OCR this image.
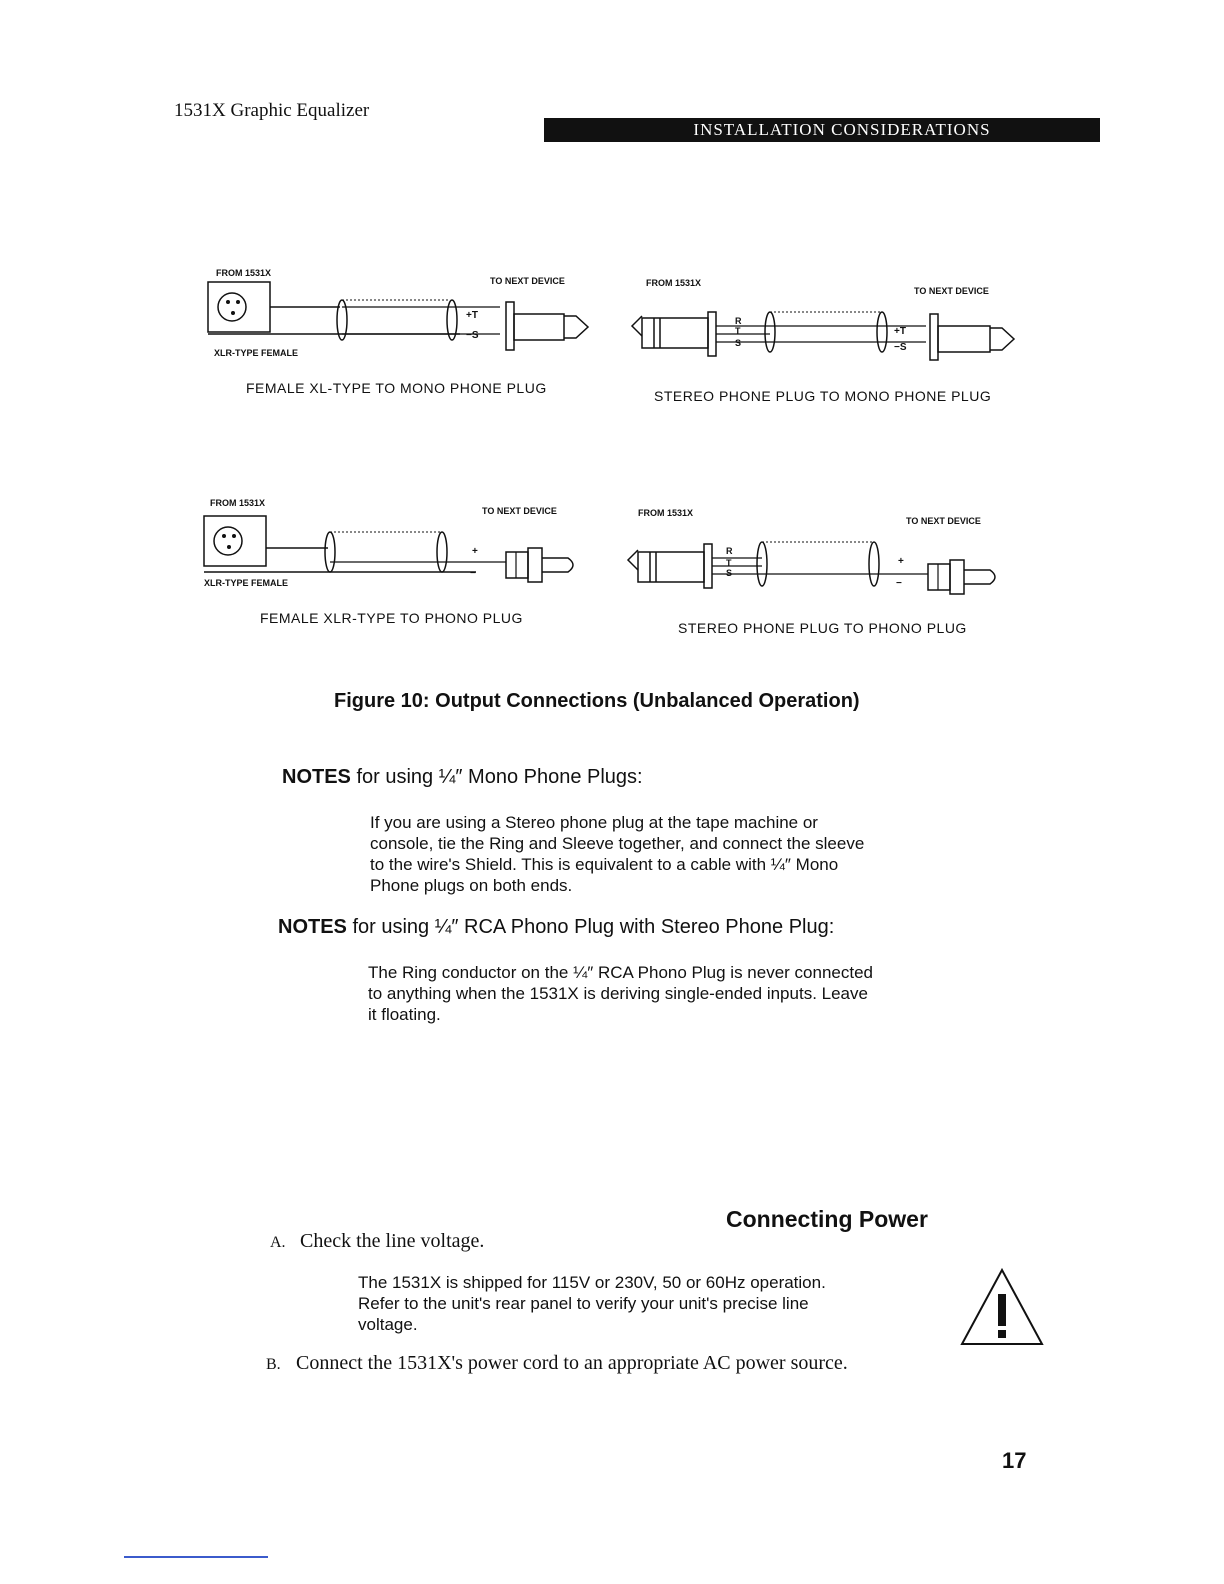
1531X Graphic Equalizer
INSTALLATION CONSIDERATIONS
FROM 1531X
TO NEXT DEVICE
+T
−S
XLR-TYPE FEMALE
FEMALE XL-TYPE TO MONO PHONE PLUG
FROM 1531X
TO NEXT DEVICE
R
T
S
+T
−S
STEREO PHONE PLUG TO MONO PHONE PLUG
FROM 1531X
TO NEXT DEVICE
+
−
XLR-TYPE FEMALE
FEMALE XLR-TYPE TO PHONO PLUG
FROM 1531X
TO NEXT DEVICE
R
T
S
+
−
STEREO PHONE PLUG TO PHONO PLUG
Figure 10: Output Connections (Unbalanced Operation)
NOTES for using ¼″ Mono Phone Plugs:
If you are using a Stereo phone plug at the tape machine or console, tie the Ring and Sleeve together, and connect the sleeve to the wire's Shield. This is equivalent to a cable with ¼″ Mono Phone plugs on both ends.
NOTES for using ¼″ RCA Phono Plug with Stereo Phone Plug:
The Ring conductor on the ¼″ RCA Phono Plug is never connected to anything when the 1531X is deriving single-ended inputs. Leave it floating.
Connecting Power
A. Check the line voltage.
The 1531X is shipped for 115V or 230V, 50 or 60Hz operation. Refer to the unit's rear panel to verify your unit's precise line voltage.
B. Connect the 1531X's power cord to an appropriate AC power source.
17
